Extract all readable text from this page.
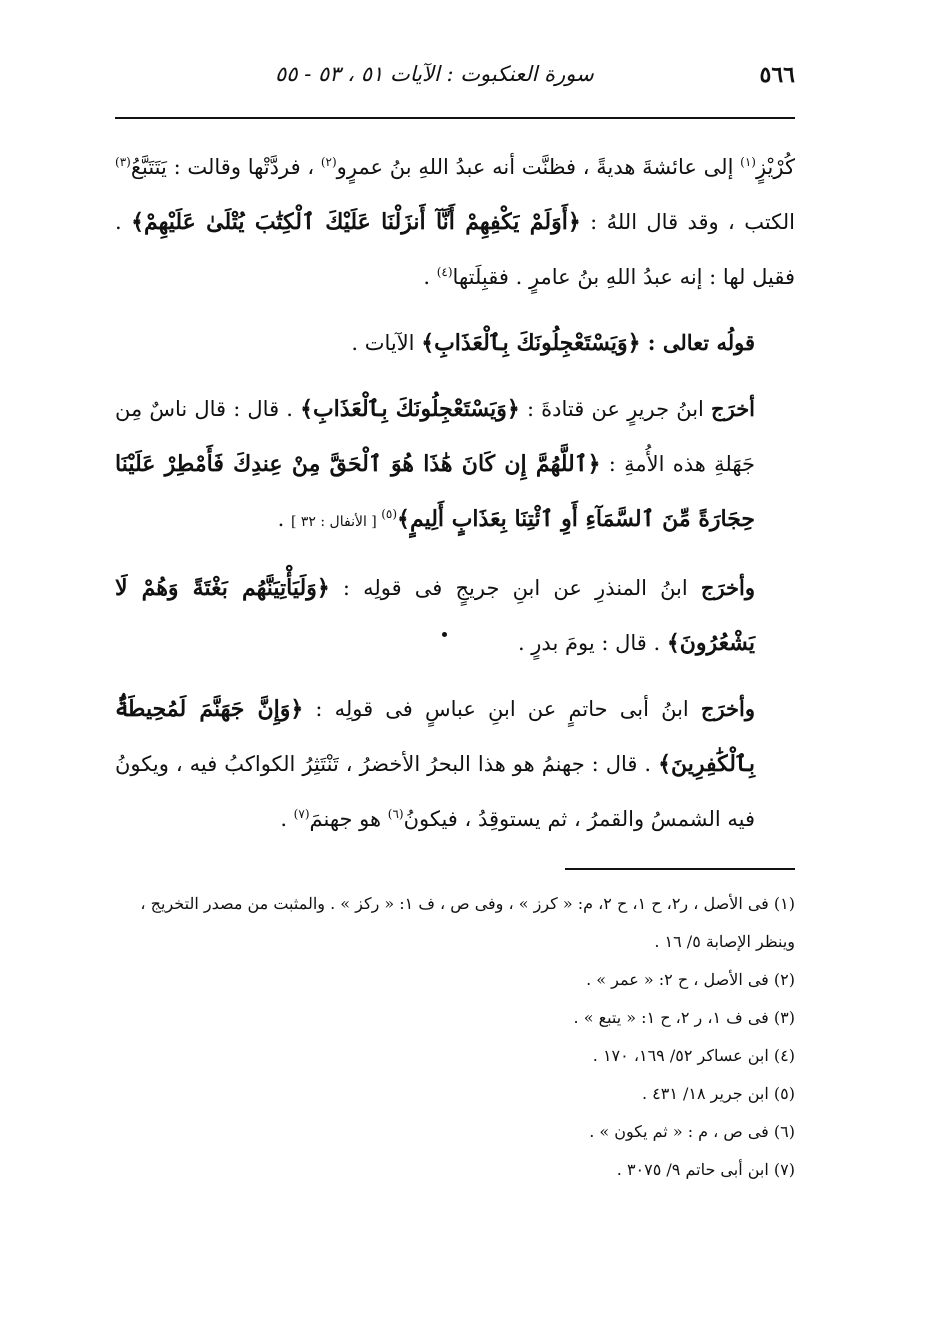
٥٦٦
سورة العنكبوت : الآيات ٥١ ، ٥٣ - ٥٥

كُرْيْزٍ$^{(١)}$ إلى عائشةَ هديةً ، فظنَّت أنه عبدُ اللهِ بنُ عمرٍو$^{(٢)}$ ، فردَّتْها وقالت : يَتَتَبَّعُ$^{(٣)}$ الكتب ، وقد قال اللهُ : ﴿أَوَلَمْ يَكْفِهِمْ أَنَّآ أَنزَلْنَا عَلَيْكَ ٱلْكِتَٰبَ يُتْلَىٰ عَلَيْهِمْ﴾ . فقيل لها : إنه عبدُ اللهِ بنُ عامرٍ . فقبِلَتها$^{(٤)}$ .

قولُه تعالى : ﴿وَيَسْتَعْجِلُونَكَ بِٱلْعَذَابِ﴾ الآيات .

أخرَج ابنُ جريرٍ عن قتادةَ : ﴿وَيَسْتَعْجِلُونَكَ بِٱلْعَذَابِ﴾ . قال : قال ناسٌ مِن جَهَلةِ هذه الأُمةِ : ﴿ٱللَّهُمَّ إِن كَانَ هَٰذَا هُوَ ٱلْحَقَّ مِنْ عِندِكَ فَأَمْطِرْ عَلَيْنَا حِجَارَةً مِّنَ ٱلسَّمَآءِ أَوِ ٱئْتِنَا بِعَذَابٍ أَلِيمٍ﴾$^{(٥)}$ [ الأنفال : ٣٢ ] .

وأخرَج ابنُ المنذرِ عن ابنِ جريجٍ فى قولِه : ﴿وَلَيَأْتِيَنَّهُم بَغْتَةً وَهُمْ لَا يَشْعُرُونَ﴾ . قال : يومَ بدرٍ .

وأخرَج ابنُ أبى حاتمٍ عن ابنِ عباسٍ فى قولِه : ﴿وَإِنَّ جَهَنَّمَ لَمُحِيطَةٌۢ بِٱلْكَٰفِرِينَ﴾ . قال : جهنمُ هو هذا البحرُ الأخضرُ ، تَنْتَثِرُ الكواكبُ فيه ، ويكونُ فيه الشمسُ والقمرُ ، ثم يستوقِدُ ، فيكونُ$^{(٦)}$ هو جهنمَ$^{(٧)}$ .

(١) فى الأصل ، ر٢، ح ١، ح ٢، م: « كرز » ، وفى ص ، ف ١: « ركز » . والمثبت من مصدر التخريج ، وينظر الإصابة ٥/ ١٦ .
(٢) فى الأصل ، ح ٢: « عمر » .
(٣) فى ف ١، ر ٢، ح ١: « يتبع » .
(٤) ابن عساكر ٥٢/ ١٦٩، ١٧٠ .
(٥) ابن جرير ١٨/ ٤٣١ .
(٦) فى ص ، م : « ثم يكون » .
(٧) ابن أبى حاتم ٩/ ٣٠٧٥ .
